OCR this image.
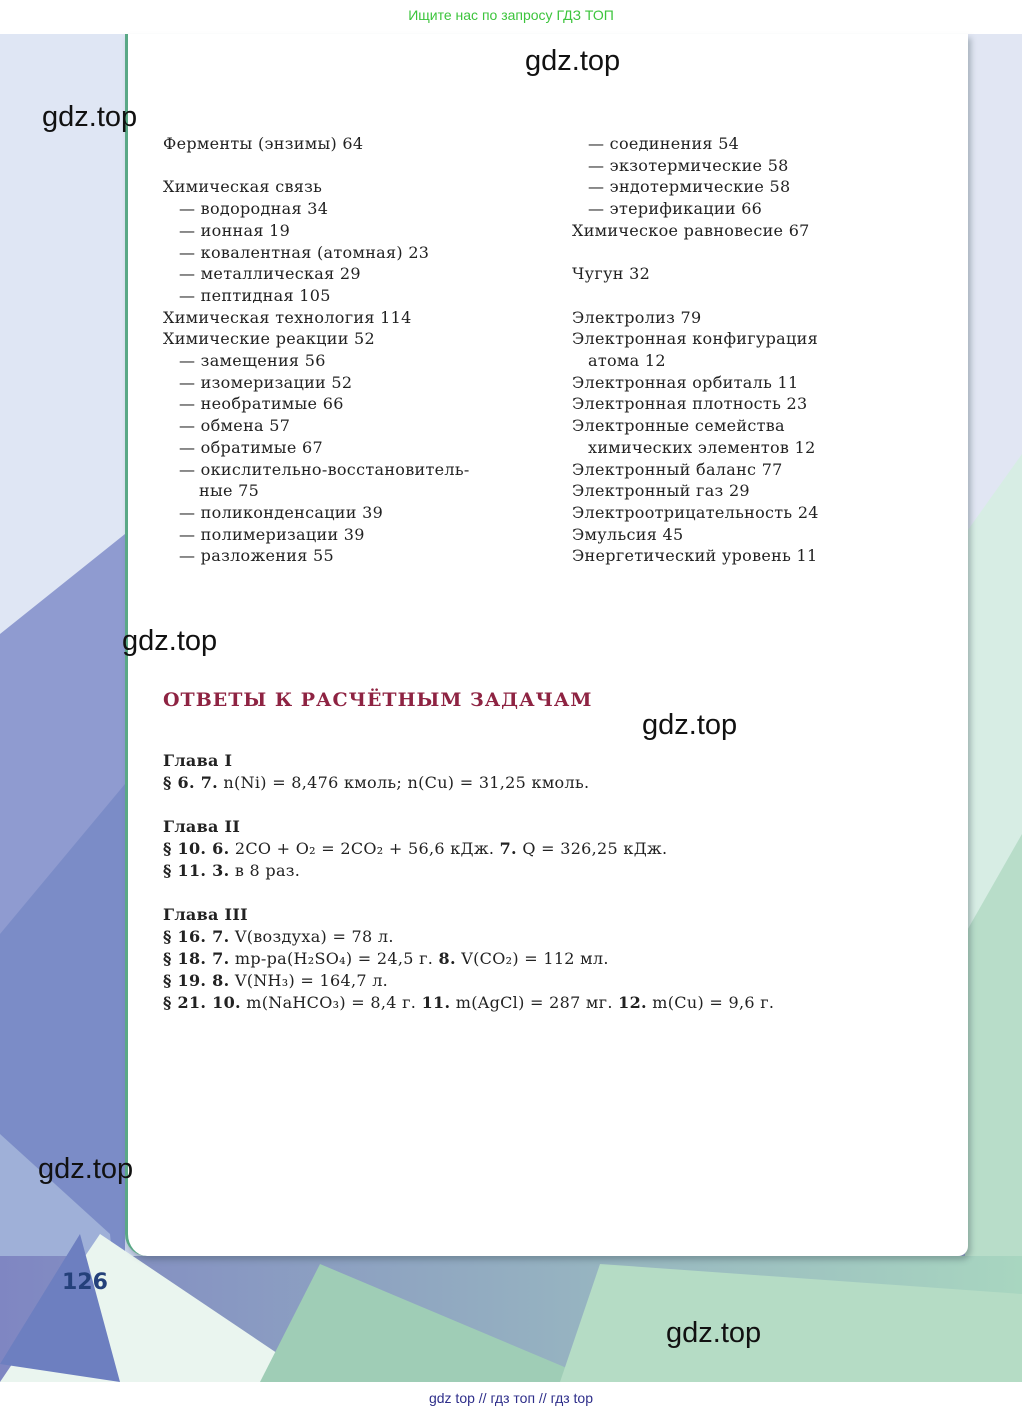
Ищите нас по запросу ГДЗ ТОП
Ферменты (энзимы) 64
Химическая связь
— водородная 34
— ионная 19
— ковалентная (атомная) 23
— металлическая 29
— пептидная 105
Химическая технология 114
Химические реакции 52
— замещения 56
— изомеризации 52
— необратимые 66
— обмена 57
— обратимые 67
— окислительно-восстановитель-
ные 75
— поликонденсации 39
— полимеризации 39
— разложения 55
— соединения 54
— экзотермические 58
— эндотермические 58
— этерификации 66
Химическое равновесие 67
Чугун 32
Электролиз 79
Электронная конфигурация
атома 12
Электронная орбиталь 11
Электронная плотность 23
Электронные семейства
химических элементов 12
Электронный баланс 77
Электронный газ 29
Электроотрицательность 24
Эмульсия 45
Энергетический уровень 11
ОТВЕТЫ К РАСЧЁТНЫМ ЗАДАЧАМ
Глава I
§ 6. 7. n(Ni) = 8,476 кмоль; n(Cu) = 31,25 кмоль.
Глава II
§ 10. 6. 2CO + O₂ = 2CO₂ + 56,6 кДж. 7. Q = 326,25 кДж.
§ 11. 3. в 8 раз.
Глава III
§ 16. 7. V(воздуха) = 78 л.
§ 18. 7. mр-ра(H₂SO₄) = 24,5 г. 8. V(CO₂) = 112 мл.
§ 19. 8. V(NH₃) = 164,7 л.
§ 21. 10. m(NaHCO₃) = 8,4 г. 11. m(AgCl) = 287 мг. 12. m(Cu) = 9,6 г.
126
gdz.top
gdz.top
gdz.top
gdz.top
gdz.top
gdz.top
gdz top // гдз топ // гдз top
